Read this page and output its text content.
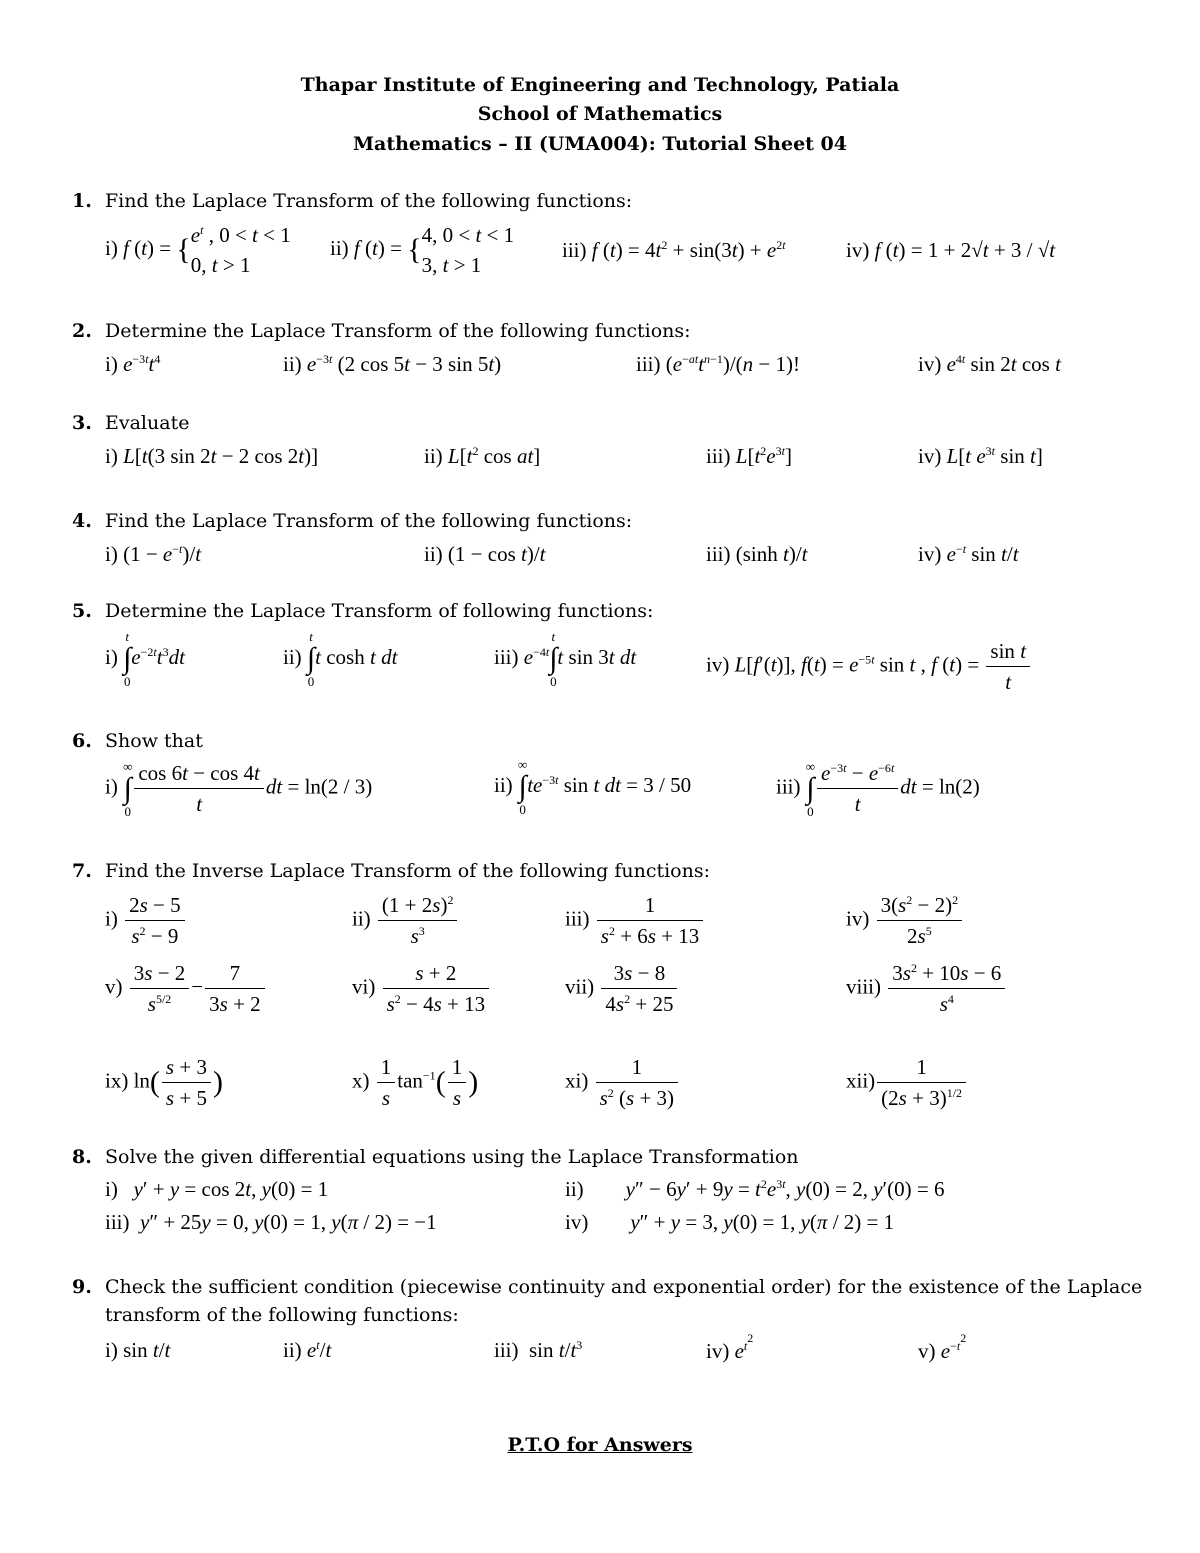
Thapar Institute of Engineering and Technology, Patiala
School of Mathematics
Mathematics – II (UMA004): Tutorial Sheet 04
1. Find the Laplace Transform of the following functions:
i) f (t) = { $e^t$ , 0 < t < 1
0, t > 1
ii) f (t) = { 4, 0 < t < 1
3, t > 1
iii) f $(t) = 4t^2 + \sin(3t) + e^{2t}$	iv) f (t) = 1 + 2√t + 3 / √t
2. Determine the Laplace Transform of the following functions:
i) $e^{-3t}t^4$	ii) $e^{-3t}$ (2 cos 5t − 3 sin 5t)	iii) $(e^{-at}t^{n-1})/(n - 1)$!	iv) $e^{4t}$ sin 2t cos t
3. Evaluate
i) L[t(3 sin 2t − 2 cos 2t)]	ii) $L[t^2$ cos at]	iii) $L[t^2e^{3t}]$	iv) L[t $e^{3t}$ sin t]
4. Find the Laplace Transform of the following functions:
i) $(1 - e^{-t})/t$	ii) (1 − cos t)/t	iii) (sinh t)/t	iv) $e^{-t}$ sin t/t
5. Determine the Laplace Transform of following functions:
i)
t
∫
0
$e^{-2t}t^3dt$	ii)
t
∫
0
t cosh t dt	iii) $e^{-4t}$
t
∫
0
t sin 3t dt	iv) L[f′(t)], $f(t) = e^{-5t}$ sin t , f $(t) = \frac{\text{sin t}}{t}$
6. Show that
i)
∞
∫
$0 \frac{\cos 6t - \cos 4t}{t}$ dt = ln(2 / 3)	ii)
∞
∫
0
$te^{-3t}$ sin t dt = 3 / 50	iii)
∞
∫
$0 \frac{e^{-3t} - e^{-6t}}{t}$ dt = ln(2)
7. Find the Inverse Laplace Transform of the following functions:
$i) \frac{2s - 5}{s^2 - 9}$	$ii) \frac{(1 + 2s)^2}{s^3}$	$iii) \frac{1}{s^2 + 6s + 13}$	$iv) \frac{3(s^2 - 2)^2}{2s^5}$
$v) \frac{3s - 2}{s^{5/2}} - \frac{7}{3s + 2}$	$vi) \frac{s + 2}{s^2 - 4s + 13}$	$vii) \frac{3s - 8}{4s^2 + 25}$	viii) $\frac{3s^2 + 10s - 6}{s^4}$
ix) $\ln( \frac{s + 3}{s + 5}$ )	$x) \frac{1}{s} \tan^{-1}( \frac{1}{s}$ )	$xi) \frac{1}{s^2 (s + 3)}$	$xii) \frac{1}{(2s + 3)^{1/2}}$
8. Solve the given differential equations using the Laplace Transformation
i)   y′ + y = cos 2t, y(0) = 1	ii)        $y'' - 6y' + 9y = t^2e^{3t}$, y(0) = 2, y′(0) = 6
iii)  y″ + 25y = 0, y(0) = 1, y(π / 2) = −1	iv)        y″ + y = 3, y(0) = 1, y(π / 2) = 1
9. Check the sufficient condition (piecewise continuity and exponential order) for the existence of the Laplace
transform of the following functions:
i) sin t/t	ii) $e^t/t$	iii)  $\sin t/t^3$	iv) $e^{t^2}$
v) $e^{-t^2}$
P.T.O for Answers
